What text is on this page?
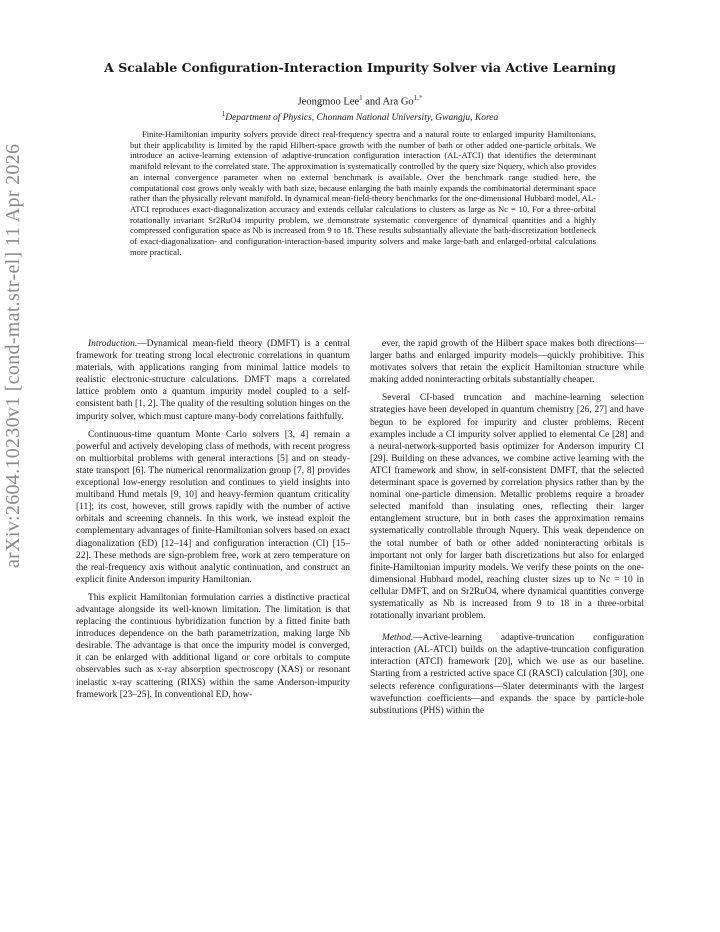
arXiv:2604.10230v1 [cond-mat.str-el] 11 Apr 2026
A Scalable Configuration-Interaction Impurity Solver via Active Learning
Jeongmoo Lee$^1$ and Ara $Go^{1,*}$
$^1$Department of Physics, Chonnam National University, Gwangju, Korea
Finite-Hamiltonian impurity solvers provide direct real-frequency spectra and a natural route to enlarged impurity Hamiltonians, but their applicability is limited by the rapid Hilbert-space growth with the number of bath or other added one-particle orbitals. We introduce an active-learning extension of adaptive-truncation configuration interaction (AL-ATCI) that identifies the determinant manifold relevant to the correlated state. The approximation is systematically controlled by the query size Nquery, which also provides an internal convergence parameter when no external benchmark is available. Over the benchmark range studied here, the computational cost grows only weakly with bath size, because enlarging the bath mainly expands the combinatorial determinant space rather than the physically relevant manifold. In dynamical mean-field-theory benchmarks for the one-dimensional Hubbard model, AL-ATCI reproduces exact-diagonalization accuracy and extends cellular calculations to clusters as large as Nc = 10. For a three-orbital rotationally invariant Sr2RuO4 impurity problem, we demonstrate systematic convergence of dynamical quantities and a highly compressed configuration space as Nb is increased from 9 to 18. These results substantially alleviate the bath-discretization bottleneck of exact-diagonalization- and configuration-interaction-based impurity solvers and make large-bath and enlarged-orbital calculations more practical.

Introduction.—Dynamical mean-field theory (DMFT) is a central framework for treating strong local electronic correlations in quantum materials, with applications ranging from minimal lattice models to realistic electronic-structure calculations. DMFT maps a correlated lattice problem onto a quantum impurity model coupled to a self-consistent bath [1, 2]. The quality of the resulting solution hinges on the impurity solver, which must capture many-body correlations faithfully.

Continuous-time quantum Monte Carlo solvers [3, 4] remain a powerful and actively developing class of methods, with recent progress on multiorbital problems with general interactions [5] and on steady-state transport [6]. The numerical renormalization group [7, 8] provides exceptional low-energy resolution and continues to yield insights into multiband Hund metals [9, 10] and heavy-fermion quantum criticality [11]; its cost, however, still grows rapidly with the number of active orbitals and screening channels. In this work, we instead exploit the complementary advantages of finite-Hamiltonian solvers based on exact diagonalization (ED) [12–14] and configuration interaction (CI) [15–22]. These methods are sign-problem free, work at zero temperature on the real-frequency axis without analytic continuation, and construct an explicit finite Anderson impurity Hamiltonian.

This explicit Hamiltonian formulation carries a distinctive practical advantage alongside its well-known limitation. The limitation is that replacing the continuous hybridization function by a fitted finite bath introduces dependence on the bath parametrization, making large Nb desirable. The advantage is that once the impurity model is converged, it can be enlarged with additional ligand or core orbitals to compute observables such as x-ray absorption spectroscopy (XAS) or resonant inelastic x-ray scattering (RIXS) within the same Anderson-impurity framework [23–25]. In conventional ED, how-

ever, the rapid growth of the Hilbert space makes both directions—larger baths and enlarged impurity models—quickly prohibitive. This motivates solvers that retain the explicit Hamiltonian structure while making added noninteracting orbitals substantially cheaper.

Several CI-based truncation and machine-learning selection strategies have been developed in quantum chemistry [26, 27] and have begun to be explored for impurity and cluster problems. Recent examples include a CI impurity solver applied to elemental Ce [28] and a neural-network-supported basis optimizer for Anderson impurity CI [29]. Building on these advances, we combine active learning with the ATCI framework and show, in self-consistent DMFT, that the selected determinant space is governed by correlation physics rather than by the nominal one-particle dimension. Metallic problems require a broader selected manifold than insulating ones, reflecting their larger entanglement structure, but in both cases the approximation remains systematically controllable through Nquery. This weak dependence on the total number of bath or other added noninteracting orbitals is important not only for larger bath discretizations but also for enlarged finite-Hamiltonian impurity models. We verify these points on the one-dimensional Hubbard model, reaching cluster sizes up to Nc = 10 in cellular DMFT, and on Sr2RuO4, where dynamical quantities converge systematically as Nb is increased from 9 to 18 in a three-orbital rotationally invariant problem.

Method.—Active-learning adaptive-truncation configuration interaction (AL-ATCI) builds on the adaptive-truncation configuration interaction (ATCI) framework [20], which we use as our baseline. Starting from a restricted active space CI (RASCI) calculation [30], one selects reference configurations—Slater determinants with the largest wavefunction coefficients—and expands the space by particle-hole substitutions (PHS) within the
